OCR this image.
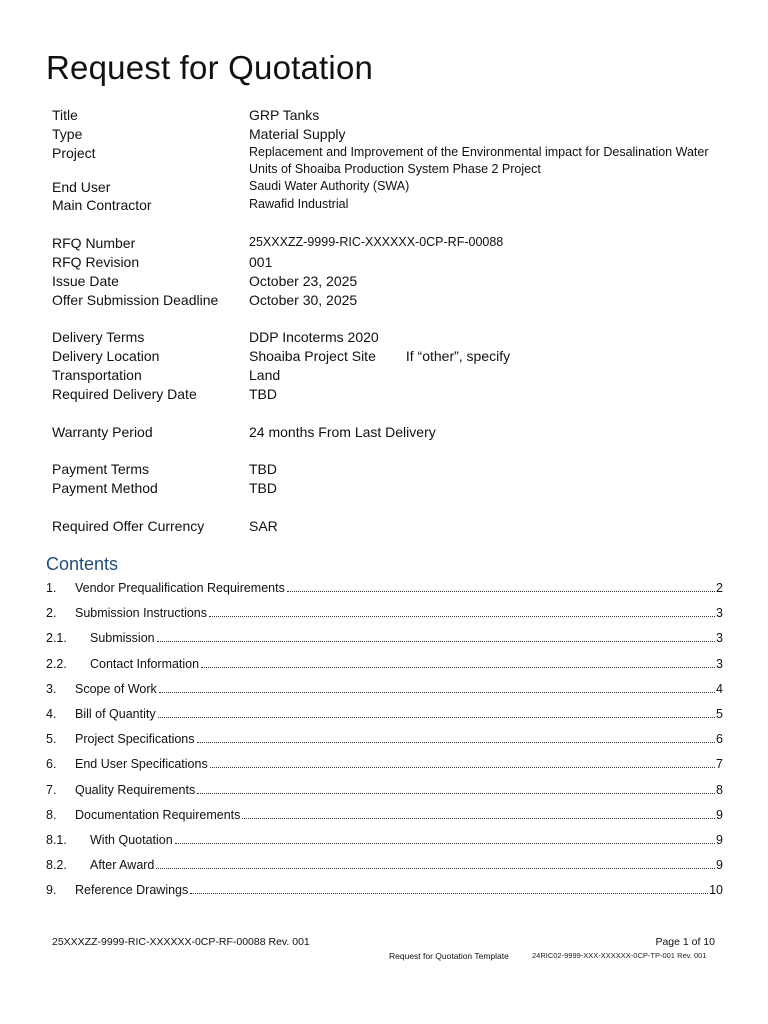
Request for Quotation
Title	GRP Tanks
Type	Material Supply
Project	Replacement and Improvement of the Environmental impact for Desalination Water Units of Shoaiba Production System Phase 2 Project
End User	Saudi Water Authority (SWA)
Main Contractor	Rawafid Industrial
RFQ Number	25XXXZZ-9999-RIC-XXXXXX-0CP-RF-00088
RFQ Revision	001
Issue Date	October 23, 2025
Offer Submission Deadline	October 30, 2025
Delivery Terms	DDP Incoterms 2020
Delivery Location	Shoaiba Project Site If “other”, specify
Transportation	Land
Required Delivery Date	TBD
Warranty Period	24 months From Last Delivery
Payment Terms	TBD
Payment Method	TBD
Required Offer Currency	SAR
Contents
1.	Vendor Prequalification Requirements	2
2.	Submission Instructions	3
2.1.	Submission	3
2.2.	Contact Information	3
3.	Scope of Work	4
4.	Bill of Quantity	5
5.	Project Specifications	6
6.	End User Specifications	7
7.	Quality Requirements	8
8.	Documentation Requirements	9
8.1.	With Quotation	9
8.2.	After Award	9
9.	Reference Drawings	10
25XXXZZ-9999-RIC-XXXXXX-0CP-RF-00088 Rev. 001	Page 1 of 10
Request for Quotation Template	24RIC02-9999-XXX-XXXXXX-0CP-TP-001 Rev. 001
